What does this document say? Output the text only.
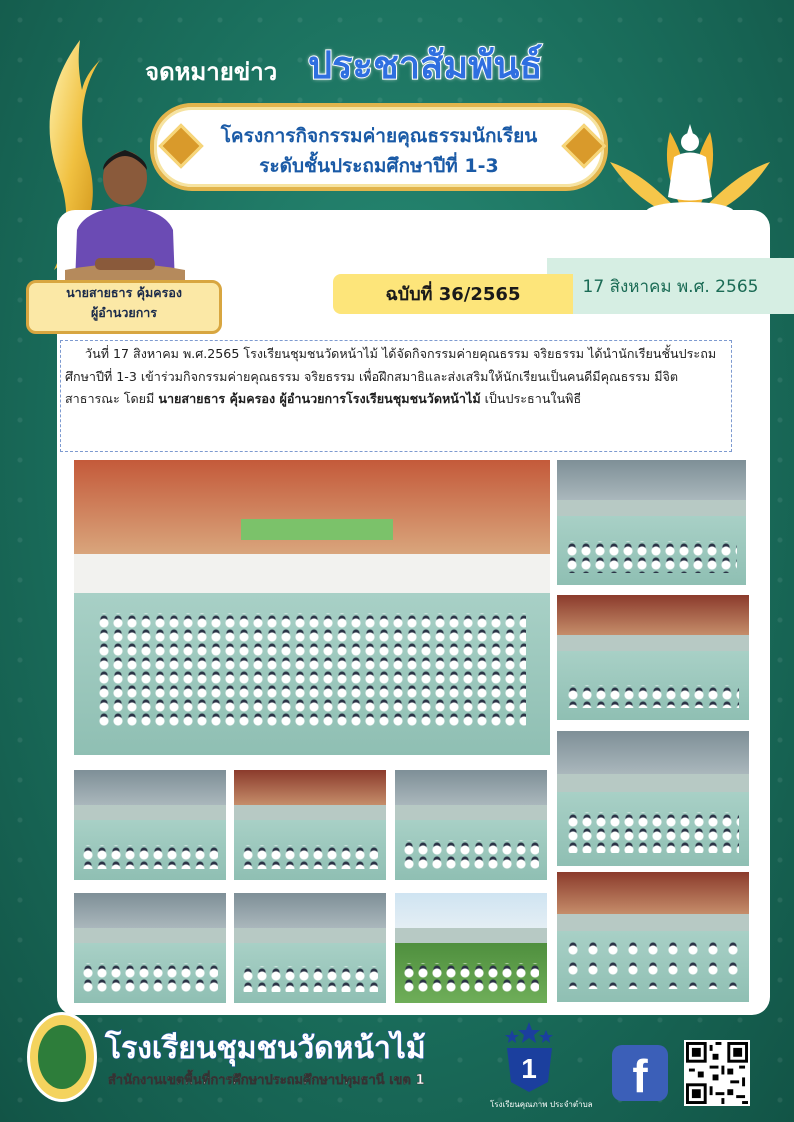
จดหมายข่าว ประชาสัมพันธ์
โครงการกิจกรรมค่ายคุณธรรมนักเรียน
ระดับชั้นประถมศึกษาปีที่ 1-3
นายสายธาร คุ้มครอง
ผู้อำนวยการ
17 สิงหาคม พ.ศ. 2565
ฉบับที่ 36/2565

วันที่ 17 สิงหาคม พ.ศ.2565 โรงเรียนชุมชนวัดหน้าไม้ ได้จัดกิจกรรมค่ายคุณธรรม จริยธรรม ได้นำนักเรียนชั้นประถมศึกษาปีที่ 1-3 เข้าร่วมกิจกรรมค่ายคุณธรรม จริยธรรม เพื่อฝึกสมาธิและส่งเสริมให้นักเรียนเป็นคนดีมีคุณธรรม มีจิตสาธารณะ โดยมี นายสายธาร คุ้มครอง ผู้อำนวยการโรงเรียนชุมชนวัดหน้าไม้ เป็นประธานในพิธี

โรงเรียนชุมชนวัดหน้าไม้
สำนักงานเขตพื้นที่การศึกษาประถมศึกษาปทุมธานี เขต 1	1
โรงเรียนคุณภาพ ประจำตำบล
f
